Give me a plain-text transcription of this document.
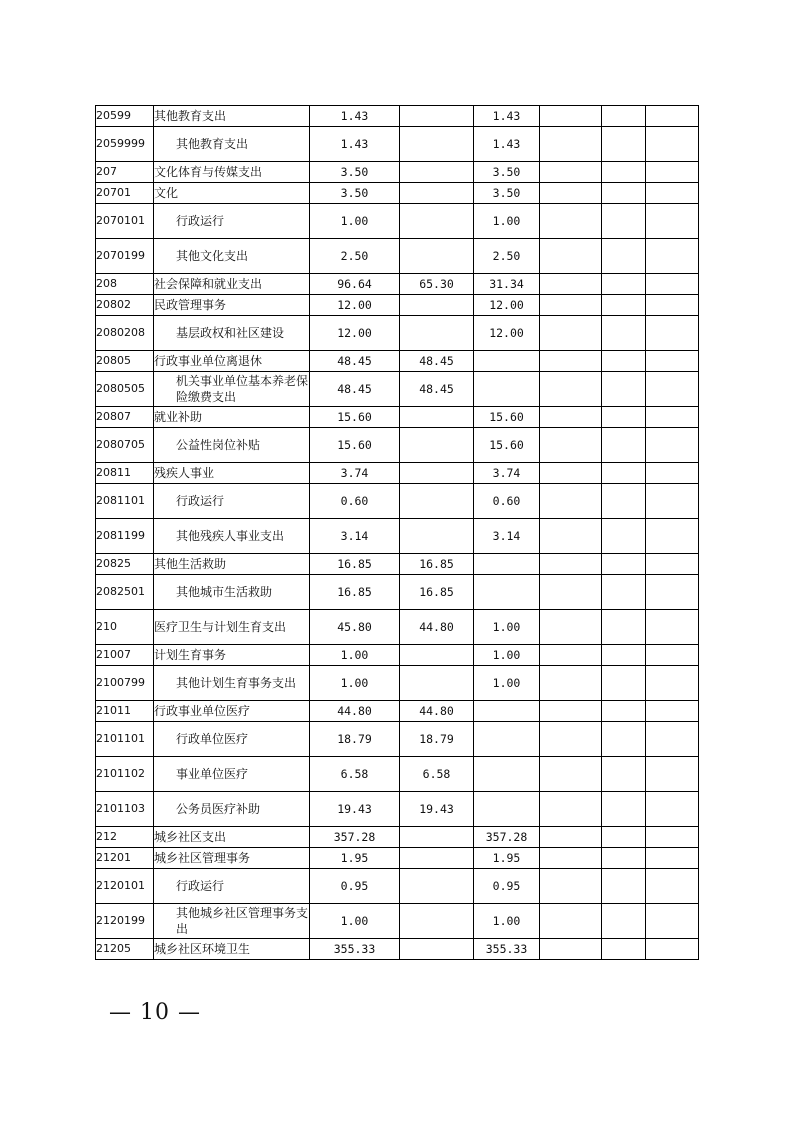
20599	其他教育支出	1.43		1.43			
2059999	其他教育支出	1.43		1.43			
207	文化体育与传媒支出	3.50		3.50			
20701	文化	3.50		3.50			
2070101	行政运行	1.00		1.00			
2070199	其他文化支出	2.50		2.50			
208	社会保障和就业支出	96.64	65.30	31.34			
20802	民政管理事务	12.00		12.00			
2080208	基层政权和社区建设	12.00		12.00			
20805	行政事业单位离退休	48.45	48.45				
2080505	机关事业单位基本养老保险缴费支出	48.45	48.45				
20807	就业补助	15.60		15.60			
2080705	公益性岗位补贴	15.60		15.60			
20811	残疾人事业	3.74		3.74			
2081101	行政运行	0.60		0.60			
2081199	其他残疾人事业支出	3.14		3.14			
20825	其他生活救助	16.85	16.85				
2082501	其他城市生活救助	16.85	16.85				
210	医疗卫生与计划生育支出	45.80	44.80	1.00			
21007	计划生育事务	1.00		1.00			
2100799	其他计划生育事务支出	1.00		1.00			
21011	行政事业单位医疗	44.80	44.80				
2101101	行政单位医疗	18.79	18.79				
2101102	事业单位医疗	6.58	6.58				
2101103	公务员医疗补助	19.43	19.43				
212	城乡社区支出	357.28		357.28			
21201	城乡社区管理事务	1.95		1.95			
2120101	行政运行	0.95		0.95			
2120199	其他城乡社区管理事务支出	1.00		1.00			
21205	城乡社区环境卫生	355.33		355.33			
— 10 —
